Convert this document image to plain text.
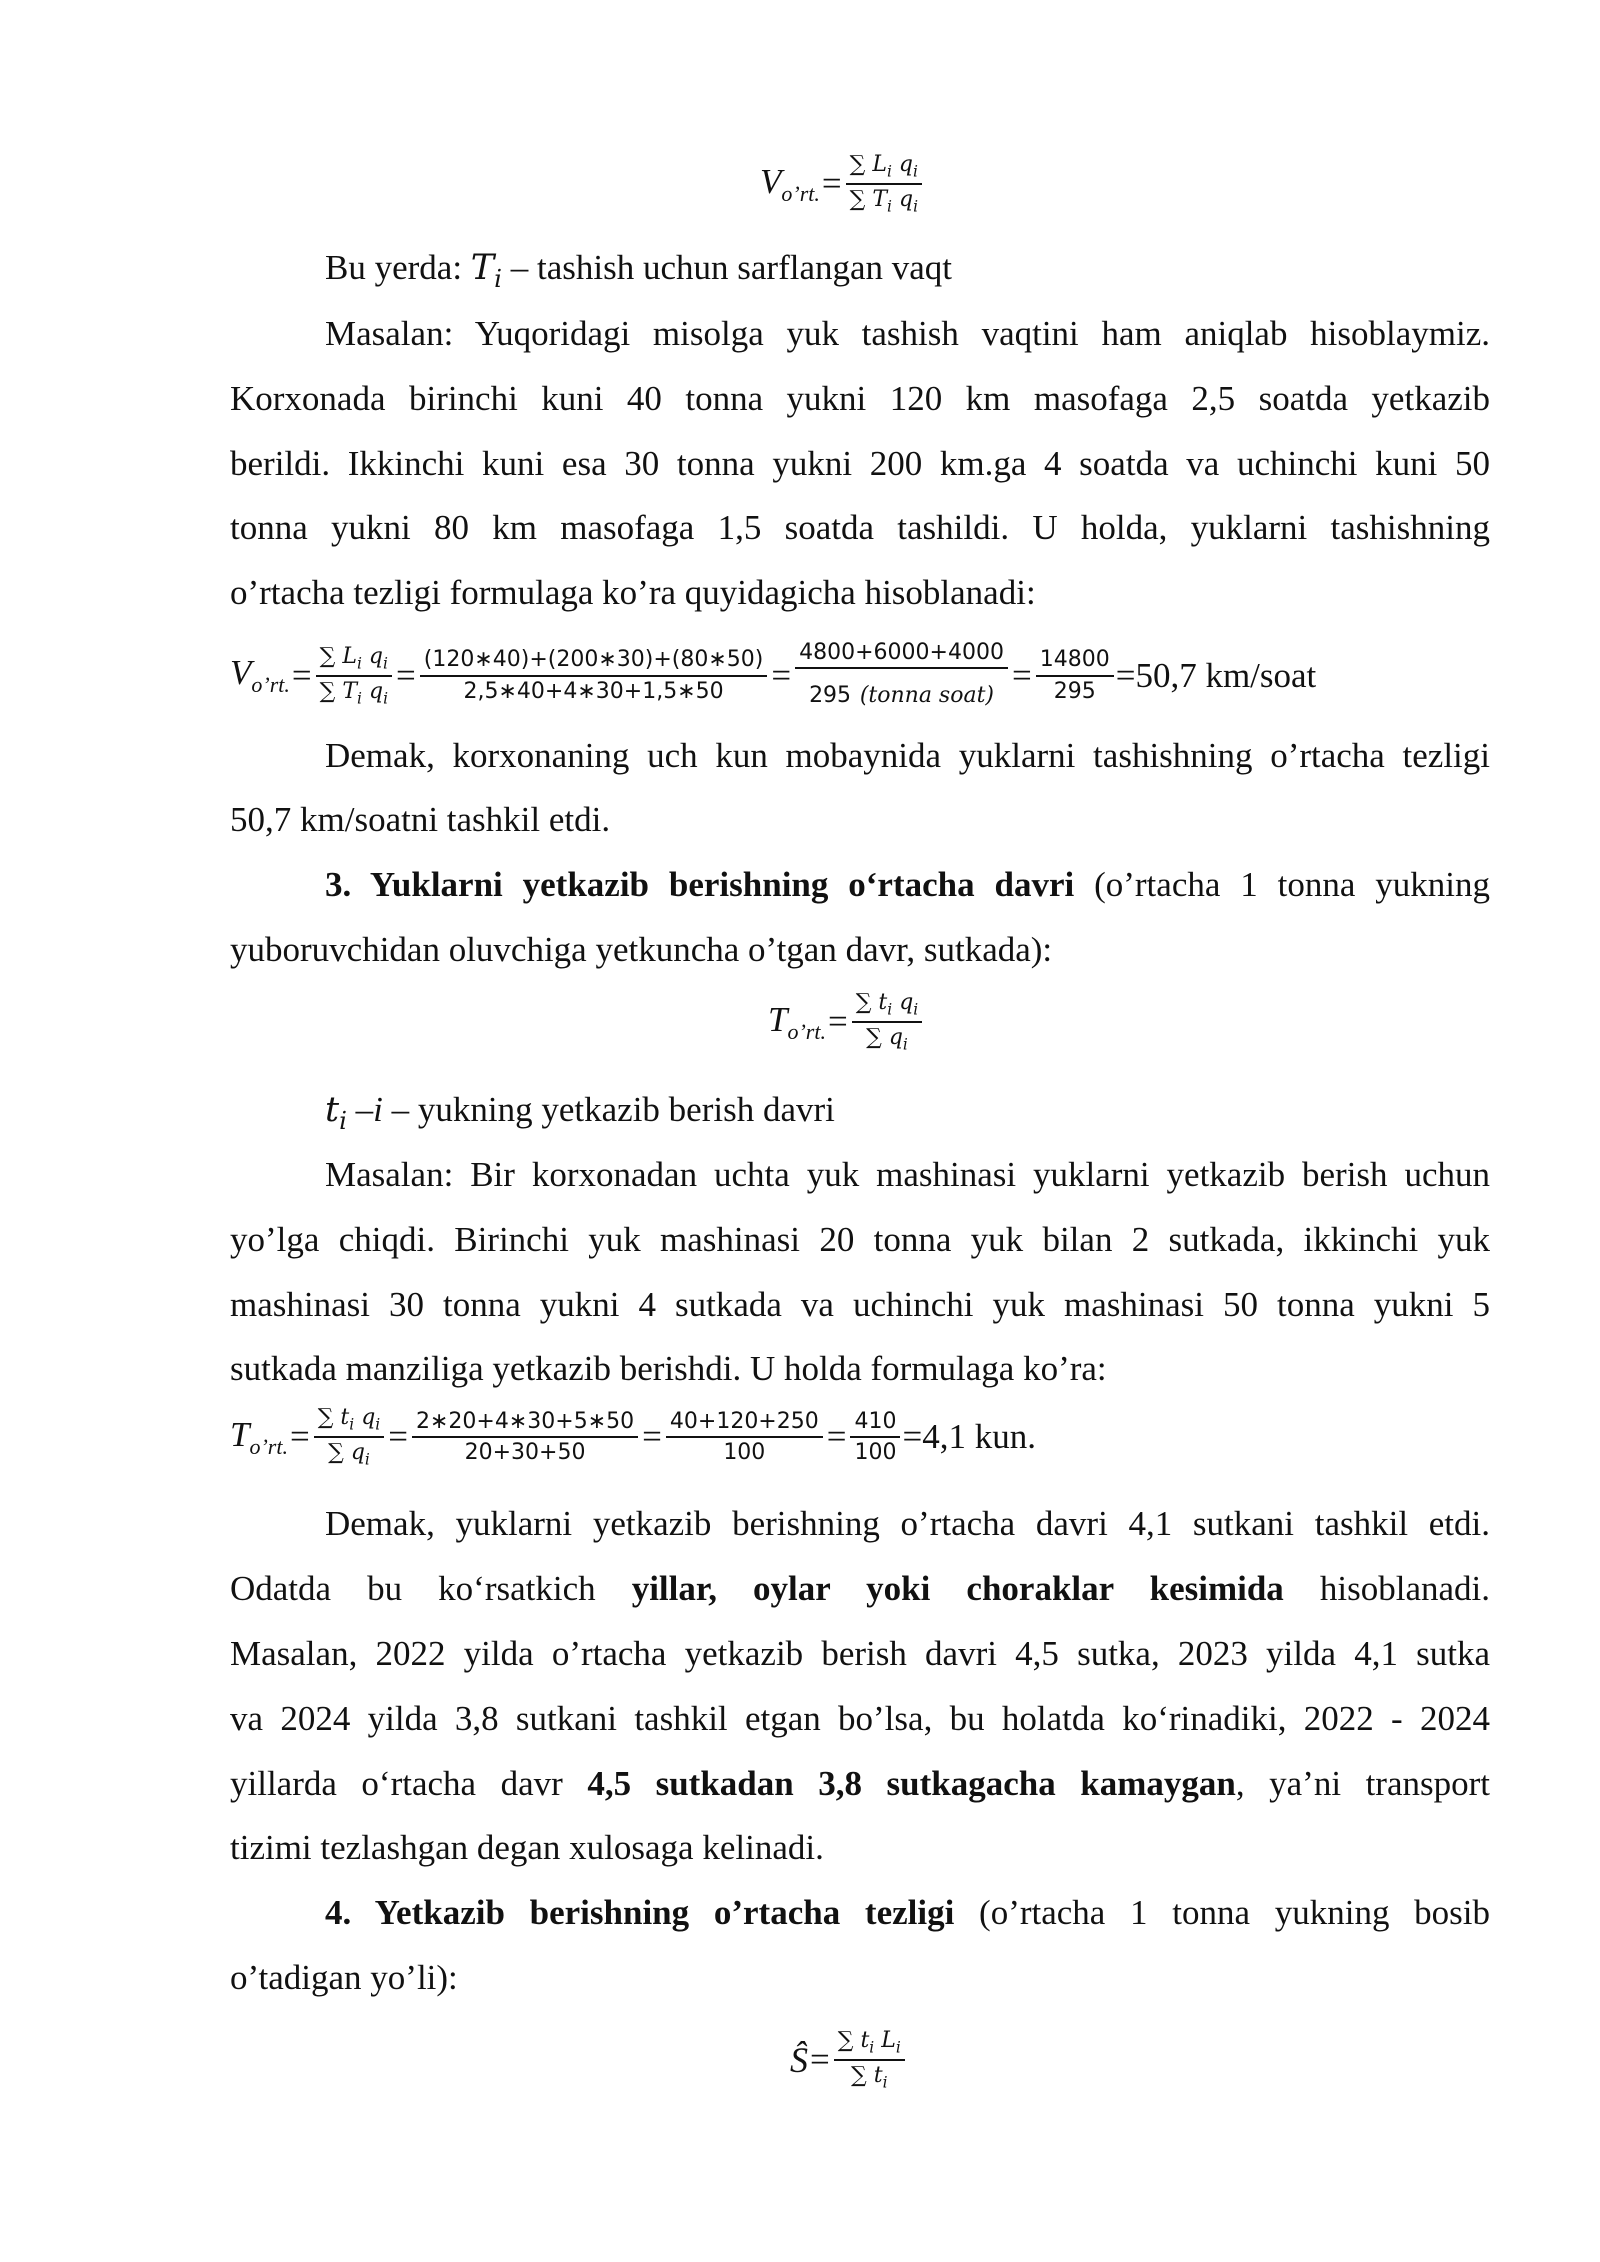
$V_{o’rt.} = \frac{\sum L_i q_i}{\sum T_i q_i}$
Bu yerda: $T_i$ – tashish uchun sarflangan vaqt
Masalan: Yuqoridagi misolga yuk tashish vaqtini ham aniqlab hisoblaymiz.
Korxonada birinchi kuni 40 tonna yukni 120 km masofaga 2,5 soatda yetkazib
berildi. Ikkinchi kuni esa 30 tonna yukni 200 km.ga 4 soatda va uchinchi kuni 50
tonna yukni 80 km masofaga 1,5 soatda tashildi. U holda, yuklarni tashishning
o’rtacha tezligi formulaga ko’ra quyidagicha hisoblanadi:
$V_{o’rt.} = \frac{\sum L_i q_i}{\sum T_i q_i} = \frac{(120∗40)+(200∗30)+(80∗50)}{2,5∗40+4∗30+1,5∗50} = \frac{4800+6000+4000}{\text{295 (tonna soat)}} = \frac{14800}{295} =50,7$ km/soat
Demak, korxonaning uch kun mobaynida yuklarni tashishning o’rtacha tezligi
50,7 km/soatni tashkil etdi.
3. Yuklarni yetkazib berishning oʻrtacha davri (o’rtacha 1 tonna yukning
yuboruvchidan oluvchiga yetkuncha o’tgan davr, sutkada):
$T_{o’rt.} = \frac{\sum t_i q_i}{\sum q_i}$
$t_i$ –i – yukning yetkazib berish davri
Masalan: Bir korxonadan uchta yuk mashinasi yuklarni yetkazib berish uchun
yo’lga chiqdi. Birinchi yuk mashinasi 20 tonna yuk bilan 2 sutkada, ikkinchi yuk
mashinasi 30 tonna yukni 4 sutkada va uchinchi yuk mashinasi 50 tonna yukni 5
sutkada manziliga yetkazib berishdi. U holda formulaga ko’ra:
$T_{o’rt.} = \frac{\sum t_i q_i}{\sum q_i} = \frac{2∗20+4∗30+5∗50}{20+30+50} = \frac{40+120+250}{100} = \frac{410}{100} =4,1$ kun.
Demak, yuklarni yetkazib berishning o’rtacha davri 4,1 sutkani tashkil etdi.
Odatda bu koʻrsatkich yillar, oylar yoki choraklar kesimida hisoblanadi.
Masalan, 2022 yilda o’rtacha yetkazib berish davri 4,5 sutka, 2023 yilda 4,1 sutka
va 2024 yilda 3,8 sutkani tashkil etgan bo’lsa, bu holatda koʻrinadiki, 2022 - 2024
yillarda oʻrtacha davr 4,5 sutkadan 3,8 sutkagacha kamaygan, ya’ni transport
tizimi tezlashgan degan xulosaga kelinadi.
4. Yetkazib berishning o’rtacha tezligi (o’rtacha 1 tonna yukning bosib
o’tadigan yo’li):
Ŝ = $\frac{\sum t_i L_i}{\sum t_i}$
